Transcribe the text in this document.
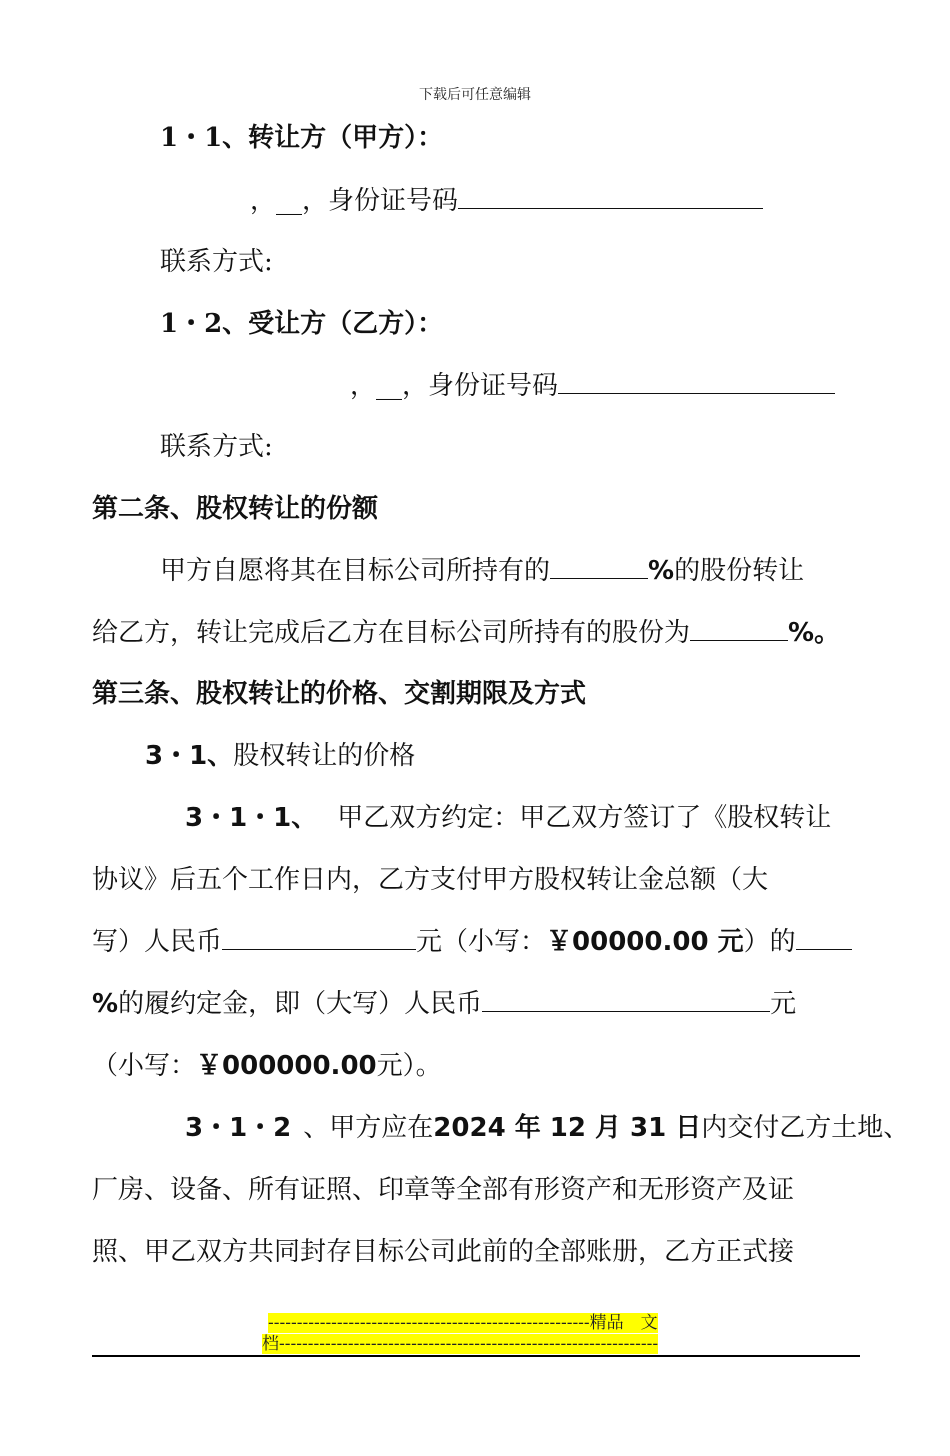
下载后可任意编辑
1・1、转让方（甲方）：
，__，身份证号码
联系方式:
1・2、受让方（乙方）：
，__，身份证号码
联系方式:
第二条、股权转让的份额
甲方自愿将其在目标公司所持有的	%的股份转让
给乙方，转让完成后乙方在目标公司所持有的股份为	%。
第三条、股权转让的价格、交割期限及方式
3・1、股权转让的价格
3・1・1、 甲乙双方约定：甲乙双方签订了《股权转让
协议》后五个工作日内，乙方支付甲方股权转让金总额（大
写）人民币	元（小写：￥00000.00 元）的
%的履约定金，即（大写）人民币	元
（小写：￥000000.00元）。
3・1・2 、甲方应在2024 年 12 月 31 日内交付乙方土地、
厂房、设备、所有证照、印章等全部有形资产和无形资产及证
照、甲乙双方共同封存目标公司此前的全部账册，乙方正式接
--------------------------------------------------------精品　文
档------------------------------------------------------------------
